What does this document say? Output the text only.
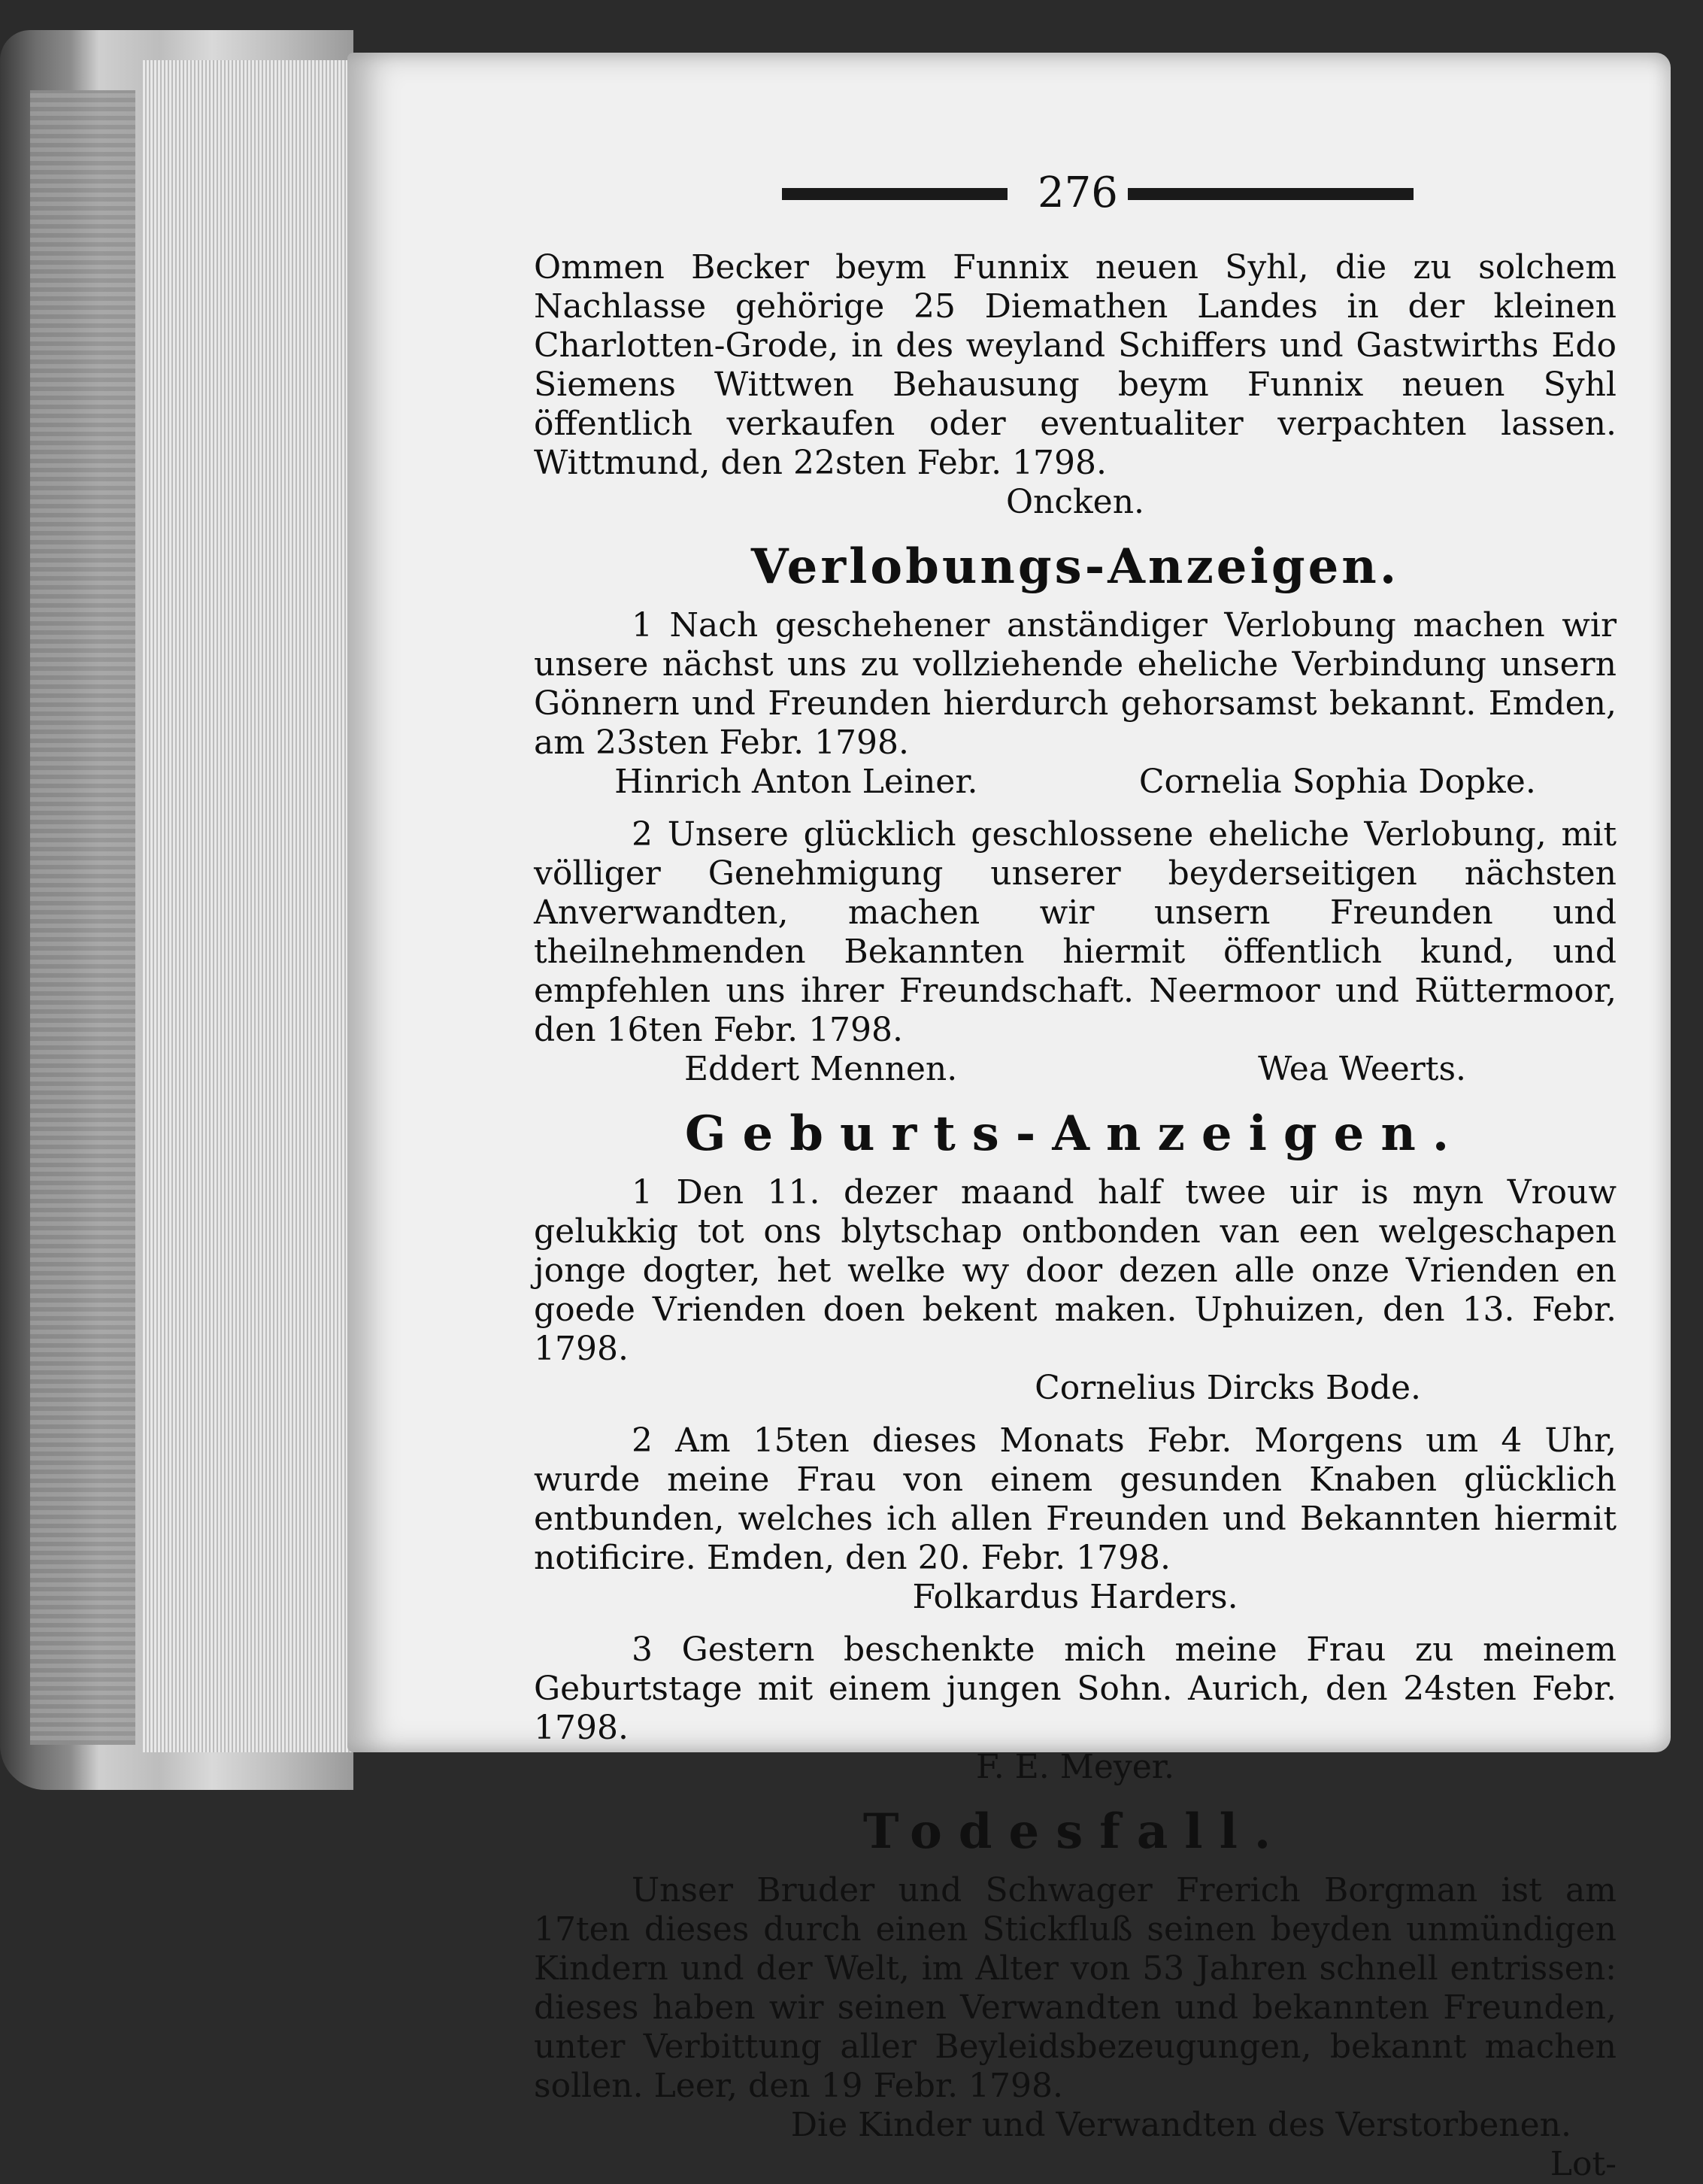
276

Ommen Becker beym Funnix neuen Syhl, die zu solchem Nachlasse gehörige 25 Diemathen Landes in der kleinen Charlotten-Grode, in des weyland Schiffers und Gastwirths Edo Siemens Wittwen Behausung beym Funnix neuen Syhl öffentlich verkaufen oder eventualiter verpachten lassen. Wittmund, den 22sten Febr. 1798.

Oncken.

Verlobungs-Anzeigen.

1 Nach geschehener anständiger Verlobung machen wir unsere nächst uns zu vollziehende eheliche Verbindung unsern Gönnern und Freunden hierdurch gehorsamst bekannt. Emden, am 23sten Febr. 1798.

Hinrich Anton Leiner.	Cornelia Sophia Dopke.

2 Unsere glücklich geschlossene eheliche Verlobung, mit völliger Genehmigung unserer beyderseitigen nächsten Anverwandten, machen wir unsern Freunden und theilnehmenden Bekannten hiermit öffentlich kund, und empfehlen uns ihrer Freundschaft. Neermoor und Rüttermoor, den 16ten Febr. 1798.

Eddert Mennen.	Wea Weerts.
Geburts-Anzeigen.

1 Den 11. dezer maand half twee uir is myn Vrouw gelukkig tot ons blytschap ontbonden van een welgeschapen jonge dogter, het welke wy door dezen alle onze Vrienden en goede Vrienden doen bekent maken. Uphuizen, den 13. Febr. 1798.

Cornelius Dircks Bode.

2 Am 15ten dieses Monats Febr. Morgens um 4 Uhr, wurde meine Frau von einem gesunden Knaben glücklich entbunden, welches ich allen Freunden und Bekannten hiermit notificire. Emden, den 20. Febr. 1798.

Folkardus Harders.

3 Gestern beschenkte mich meine Frau zu meinem Geburtstage mit einem jungen Sohn. Aurich, den 24sten Febr. 1798.

F. E. Meyer.

Todesfall.

Unser Bruder und Schwager Frerich Borgman ist am 17ten dieses durch einen Stickfluß seinen beyden unmündigen Kindern und der Welt, im Alter von 53 Jahren schnell entrissen: dieses haben wir seinen Verwandten und bekannten Freunden, unter Verbittung aller Beyleidsbezeugungen, bekannt machen sollen. Leer, den 19 Febr. 1798.

Die Kinder und Verwandten des Verstorbenen.

Lot-
